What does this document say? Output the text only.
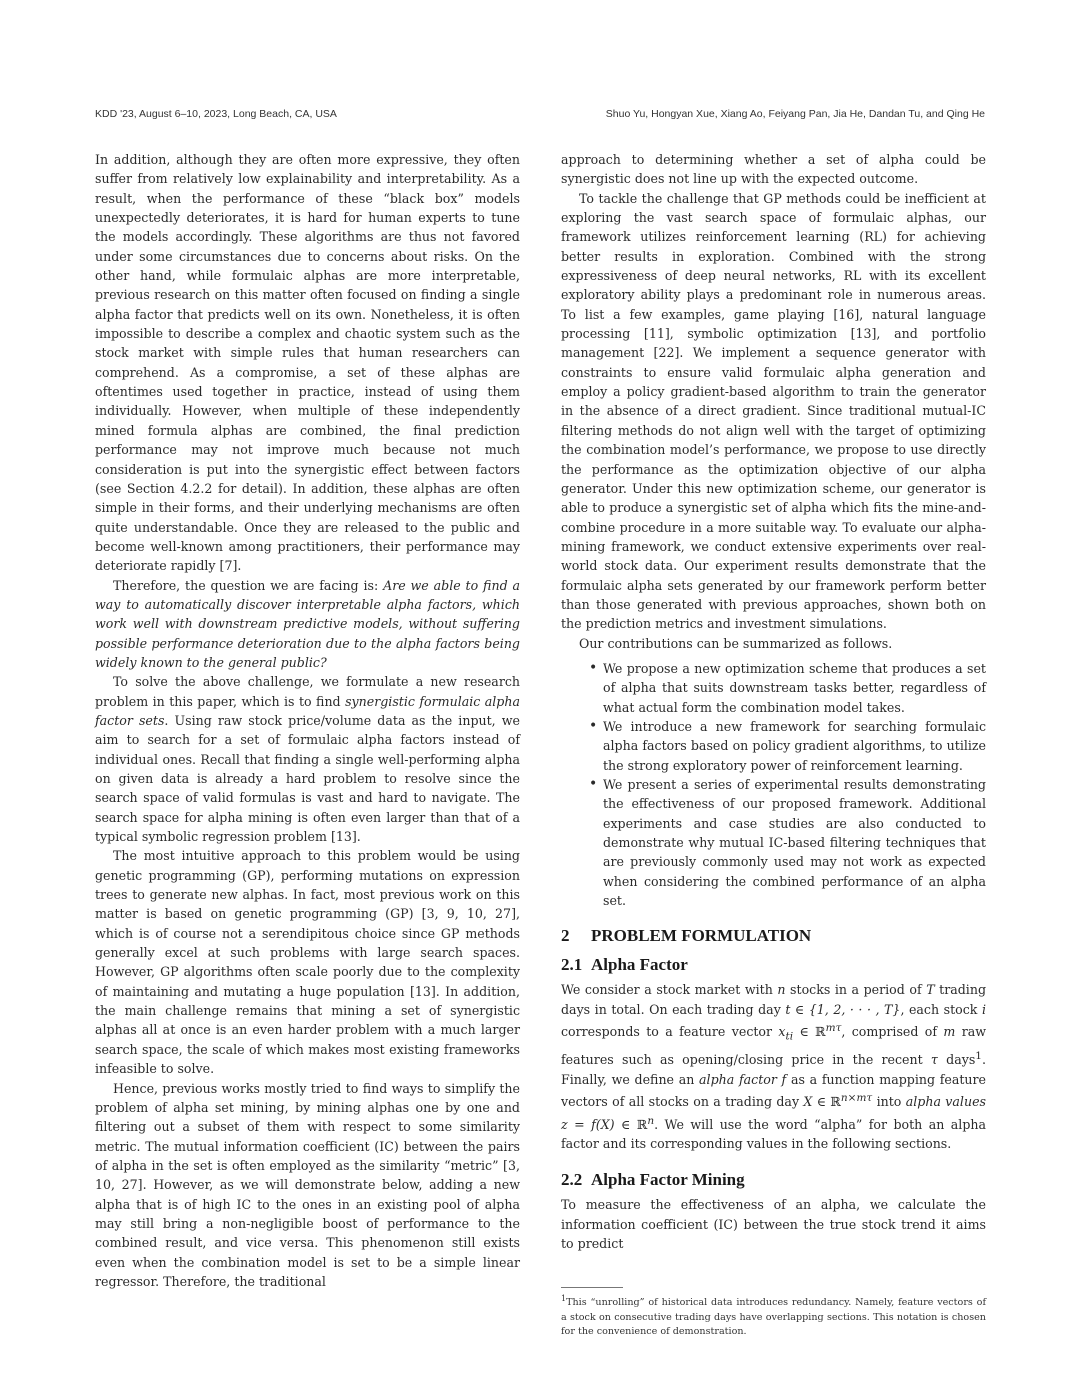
KDD '23, August 6–10, 2023, Long Beach, CA, USA	Shuo Yu, Hongyan Xue, Xiang Ao, Feiyang Pan, Jia He, Dandan Tu, and Qing He

In addition, although they are often more expressive, they often suffer from relatively low explainability and interpretability. As a result, when the performance of these “black box” models unexpectedly deteriorates, it is hard for human experts to tune the models accordingly. These algorithms are thus not favored under some circumstances due to concerns about risks. On the other hand, while formulaic alphas are more interpretable, previous research on this matter often focused on finding a single alpha factor that predicts well on its own. Nonetheless, it is often impossible to describe a complex and chaotic system such as the stock market with simple rules that human researchers can comprehend. As a compromise, a set of these alphas are oftentimes used together in practice, instead of using them individually. However, when multiple of these independently mined formula alphas are combined, the final prediction performance may not improve much because not much consideration is put into the synergistic effect between factors (see Section 4.2.2 for detail). In addition, these alphas are often simple in their forms, and their underlying mechanisms are often quite understandable. Once they are released to the public and become well-known among practitioners, their performance may deteriorate rapidly [7].

Therefore, the question we are facing is: Are we able to find a way to automatically discover interpretable alpha factors, which work well with downstream predictive models, without suffering possible performance deterioration due to the alpha factors being widely known to the general public?

To solve the above challenge, we formulate a new research problem in this paper, which is to find synergistic formulaic alpha factor sets. Using raw stock price/volume data as the input, we aim to search for a set of formulaic alpha factors instead of individual ones. Recall that finding a single well-performing alpha on given data is already a hard problem to resolve since the search space of valid formulas is vast and hard to navigate. The search space for alpha mining is often even larger than that of a typical symbolic regression problem [13].

The most intuitive approach to this problem would be using genetic programming (GP), performing mutations on expression trees to generate new alphas. In fact, most previous work on this matter is based on genetic programming (GP) [3, 9, 10, 27], which is of course not a serendipitous choice since GP methods generally excel at such problems with large search spaces. However, GP algorithms often scale poorly due to the complexity of maintaining and mutating a huge population [13]. In addition, the main challenge remains that mining a set of synergistic alphas all at once is an even harder problem with a much larger search space, the scale of which makes most existing frameworks infeasible to solve.

Hence, previous works mostly tried to find ways to simplify the problem of alpha set mining, by mining alphas one by one and filtering out a subset of them with respect to some similarity metric. The mutual information coefficient (IC) between the pairs of alpha in the set is often employed as the similarity “metric” [3, 10, 27]. However, as we will demonstrate below, adding a new alpha that is of high IC to the ones in an existing pool of alpha may still bring a non-negligible boost of performance to the combined result, and vice versa. This phenomenon still exists even when the combination model is set to be a simple linear regressor. Therefore, the traditional

approach to determining whether a set of alpha could be synergistic does not line up with the expected outcome.

To tackle the challenge that GP methods could be inefficient at exploring the vast search space of formulaic alphas, our framework utilizes reinforcement learning (RL) for achieving better results in exploration. Combined with the strong expressiveness of deep neural networks, RL with its excellent exploratory ability plays a predominant role in numerous areas. To list a few examples, game playing [16], natural language processing [11], symbolic optimization [13], and portfolio management [22]. We implement a sequence generator with constraints to ensure valid formulaic alpha generation and employ a policy gradient-based algorithm to train the generator in the absence of a direct gradient. Since traditional mutual-IC filtering methods do not align well with the target of optimizing the combination model’s performance, we propose to use directly the performance as the optimization objective of our alpha generator. Under this new optimization scheme, our generator is able to produce a synergistic set of alpha which fits the mine-and-combine procedure in a more suitable way. To evaluate our alpha-mining framework, we conduct extensive experiments over real-world stock data. Our experiment results demonstrate that the formulaic alpha sets generated by our framework perform better than those generated with previous approaches, shown both on the prediction metrics and investment simulations.

Our contributions can be summarized as follows.

• We propose a new optimization scheme that produces a set of alpha that suits downstream tasks better, regardless of what actual form the combination model takes.
• We introduce a new framework for searching formulaic alpha factors based on policy gradient algorithms, to utilize the strong exploratory power of reinforcement learning.
• We present a series of experimental results demonstrating the effectiveness of our proposed framework. Additional experiments and case studies are also conducted to demonstrate why mutual IC-based filtering techniques that are previously commonly used may not work as expected when considering the combined performance of an alpha set.
2 PROBLEM FORMULATION
2.1 Alpha Factor

We consider a stock market with n stocks in a period of T trading days in total. On each trading day t ∈ {1, 2, · · · , T}, each stock i corresponds to a feature vector $x_{ti}$ ∈ ℝ$^{m\tau}$, comprised of m raw features such as opening/closing price in the recent τ days$^1$. Finally, we define an alpha factor f as a function mapping feature vectors of all stocks on a trading day X ∈ ℝ$^{n\times m\tau}$ into alpha values z = f(X) ∈ ℝ$^n$. We will use the word “alpha” for both an alpha factor and its corresponding values in the following sections.

2.2 Alpha Factor Mining

To measure the effectiveness of an alpha, we calculate the information coefficient (IC) between the true stock trend it aims to predict

$^1$This “unrolling” of historical data introduces redundancy. Namely, feature vectors of a stock on consecutive trading days have overlapping sections. This notation is chosen for the convenience of demonstration.
